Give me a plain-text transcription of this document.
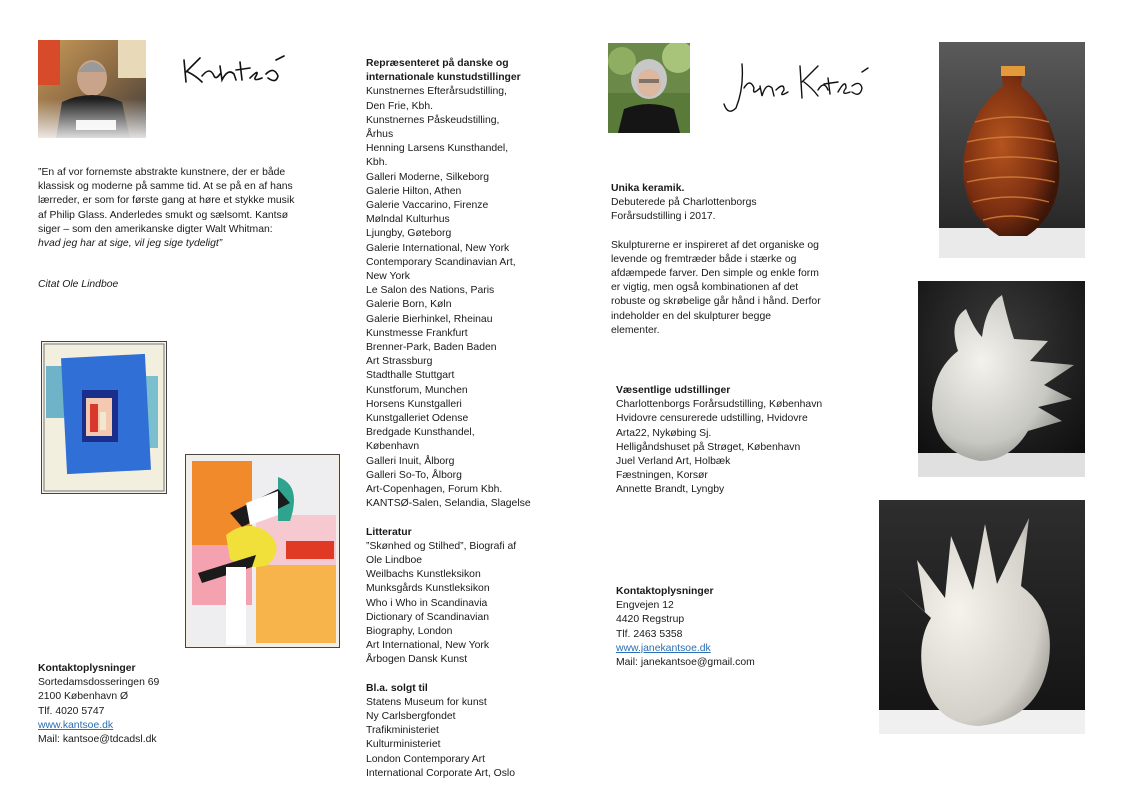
”En af vor fornemste abstrakte kunstnere, der er både klassisk og moderne på samme tid. At se på en af hans lærreder, er som for første gang at høre et stykke musik af Philip Glass. Anderledes smukt og sælsomt. Kantsø siger – som den amerikanske digter Walt Whitman: hvad jeg har at sige, vil jeg sige tydeligt”
Citat Ole Lindboe
Kontaktoplysninger
Sortedamsdosseringen 69
2100 København Ø
Tlf. 4020 5747
www.kantsoe.dk
Mail: kantsoe@tdcadsl.dk
Repræsenteret på danske og internationale kunstudstillinger
Kunstnernes Efterårsudstilling,
Den Frie, Kbh.
Kunstnernes Påskeudstilling,
Århus
Henning Larsens Kunsthandel,
Kbh.
Galleri Moderne, Silkeborg
Galerie Hilton, Athen
Galerie Vaccarino, Firenze
Mølndal Kulturhus
Ljungby, Gøteborg
Galerie International, New York
Contemporary Scandinavian Art,
New York
Le Salon des Nations, Paris
Galerie Born, Køln
Galerie Bierhinkel, Rheinau
Kunstmesse Frankfurt
Brenner-Park, Baden Baden
Art Strassburg
Stadthalle Stuttgart
Kunstforum, Munchen
Horsens Kunstgalleri
Kunstgalleriet Odense
Bredgade Kunsthandel,
København
Galleri Inuit, Ålborg
Galleri So-To, Ålborg
Art-Copenhagen, Forum Kbh.
KANTSØ-Salen, Selandia, Slagelse
Litteratur
”Skønhed og Stilhed”, Biografi af
Ole Lindboe
Weilbachs Kunstleksikon
Munksgårds Kunstleksikon
Who i Who in Scandinavia
Dictionary of Scandinavian
Biography, London
Art International, New York
Årbogen Dansk Kunst
Bl.a. solgt til
Statens Museum for kunst
Ny Carlsbergfondet
Trafikministeriet
Kulturministeriet
London Contemporary Art
International Corporate Art, Oslo
Unika keramik.
Debuterede på Charlottenborgs
Forårsudstilling i 2017.
Skulpturerne er inspireret af det organiske og
levende og fremtræder både i stærke og
afdæmpede farver. Den simple og enkle form
er vigtig, men også kombinationen af det
robuste og skrøbelige går hånd i hånd. Derfor
indeholder en del skulpturer begge
elementer.
Væsentlige udstillinger
Charlottenborgs Forårsudstilling, København
Hvidovre censurerede udstilling, Hvidovre
Arta22, Nykøbing Sj.
Helligåndshuset på Strøget, København
Juel Verland Art, Holbæk
Fæstningen, Korsør
Annette Brandt, Lyngby
Kontaktoplysninger
Engvejen 12
4420 Regstrup
Tlf. 2463 5358
www.janekantsoe.dk
Mail: janekantsoe@gmail.com
